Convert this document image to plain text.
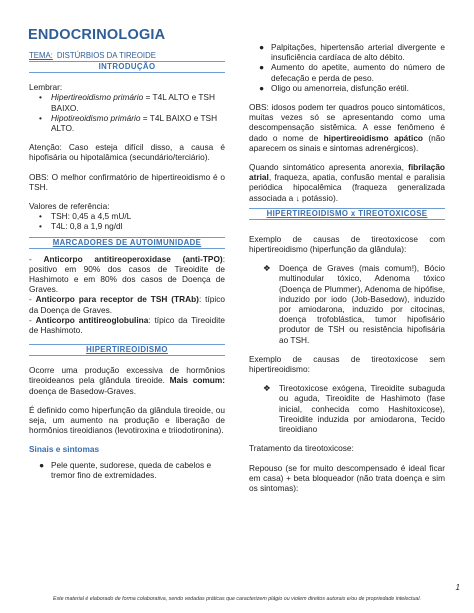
ENDOCRINOLOGIA
TEMA: DISTÚRBIOS DA TIREOIDE
INTRODUÇÃO

Lembrar:

• Hipertireoidismo primário = T4L ALTO e TSH BAIXO.
• Hipotireoidismo primário = T4L BAIXO e TSH ALTO.

Atenção: Caso esteja difícil disso, a causa é hipofisária ou hipotalâmica (secundário/terciário).

OBS: O melhor confirmatório de hipertireoidismo é o TSH.

Valores de referência:

• TSH: 0,45 a 4,5 mU/L
• T4L: 0,8 a 1,9 ng/dl
MARCADORES DE AUTOIMUNIDADE

- Anticorpo antitireoperoxidase (anti-TPO): positivo em 90% dos casos de Tireoidite de Hashimoto e em 80% dos casos de Doença de Graves.

- Anticorpo para receptor de TSH (TRAb): típico da Doença de Graves.

- Anticorpo antitireoglobulina: típico da Tireoidite de Hashimoto.

HIPERTIREOIDISMO

Ocorre uma produção excessiva de hormônios tireoideanos pela glândula tireoide. Mais comum: doença de Basedow-Graves.

É definido como hiperfunção da glândula tireoide, ou seja, um aumento na produção e liberação de hormônios tireoidianos (levotiroxina e triiodotironina).

Sinais e sintomas

● Pele quente, sudorese, queda de cabelos e tremor fino de extremidades.
● Palpitações, hipertensão arterial divergente e insuficiência cardíaca de alto débito.
● Aumento do apetite, aumento do número de defecação e perda de peso.
● Oligo ou amenorreia, disfunção erétil.

OBS: idosos podem ter quadros pouco sintomáticos, muitas vezes só se apresentando como uma descompensação sistêmica. A esse fenômeno é dado o nome de hipertireoidismo apático (não aparecem os sinais e sintomas adrenérgicos).

Quando sintomático apresenta anorexia, fibrilação atrial, fraqueza, apatia, confusão mental e paralisia periódica hipocalêmica (fraqueza generalizada associada a ↓ potássio).

HIPERTIREOIDISMO x TIREOTOXICOSE

Exemplo de causas de tireotoxicose com hipertireoidismo (hiperfunção da glândula):

❖ Doença de Graves (mais comum!), Bócio multinodular tóxico, Adenoma tóxico (Doença de Plummer), Adenoma de hipófise, induzido por iodo (Job-Basedow), induzido por amiodarona, induzido por citocinas, doença trofoblástica, tumor hipofisário produtor de TSH ou resistência hipofisária ao TSH.

Exemplo de causas de tireotoxicose sem hipertireoidismo:

❖ Tireotoxicose exógena, Tireoidite subaguda ou aguda, Tireoidite de Hashimoto (fase inicial, conhecida como Hashitoxicose), Tireoidite induzida por amiodarona, Tecido tireoidiano

Tratamento da tireotoxicose:

Repouso (se for muito descompensado é ideal ficar em casa) + beta bloqueador (não trata doença e sim os sintomas):

1
Este material é elaborado de forma colaborativa, sendo vedadas práticas que caracterizem plágio ou violem direitos autorais e/ou de propriedade intelectual.
